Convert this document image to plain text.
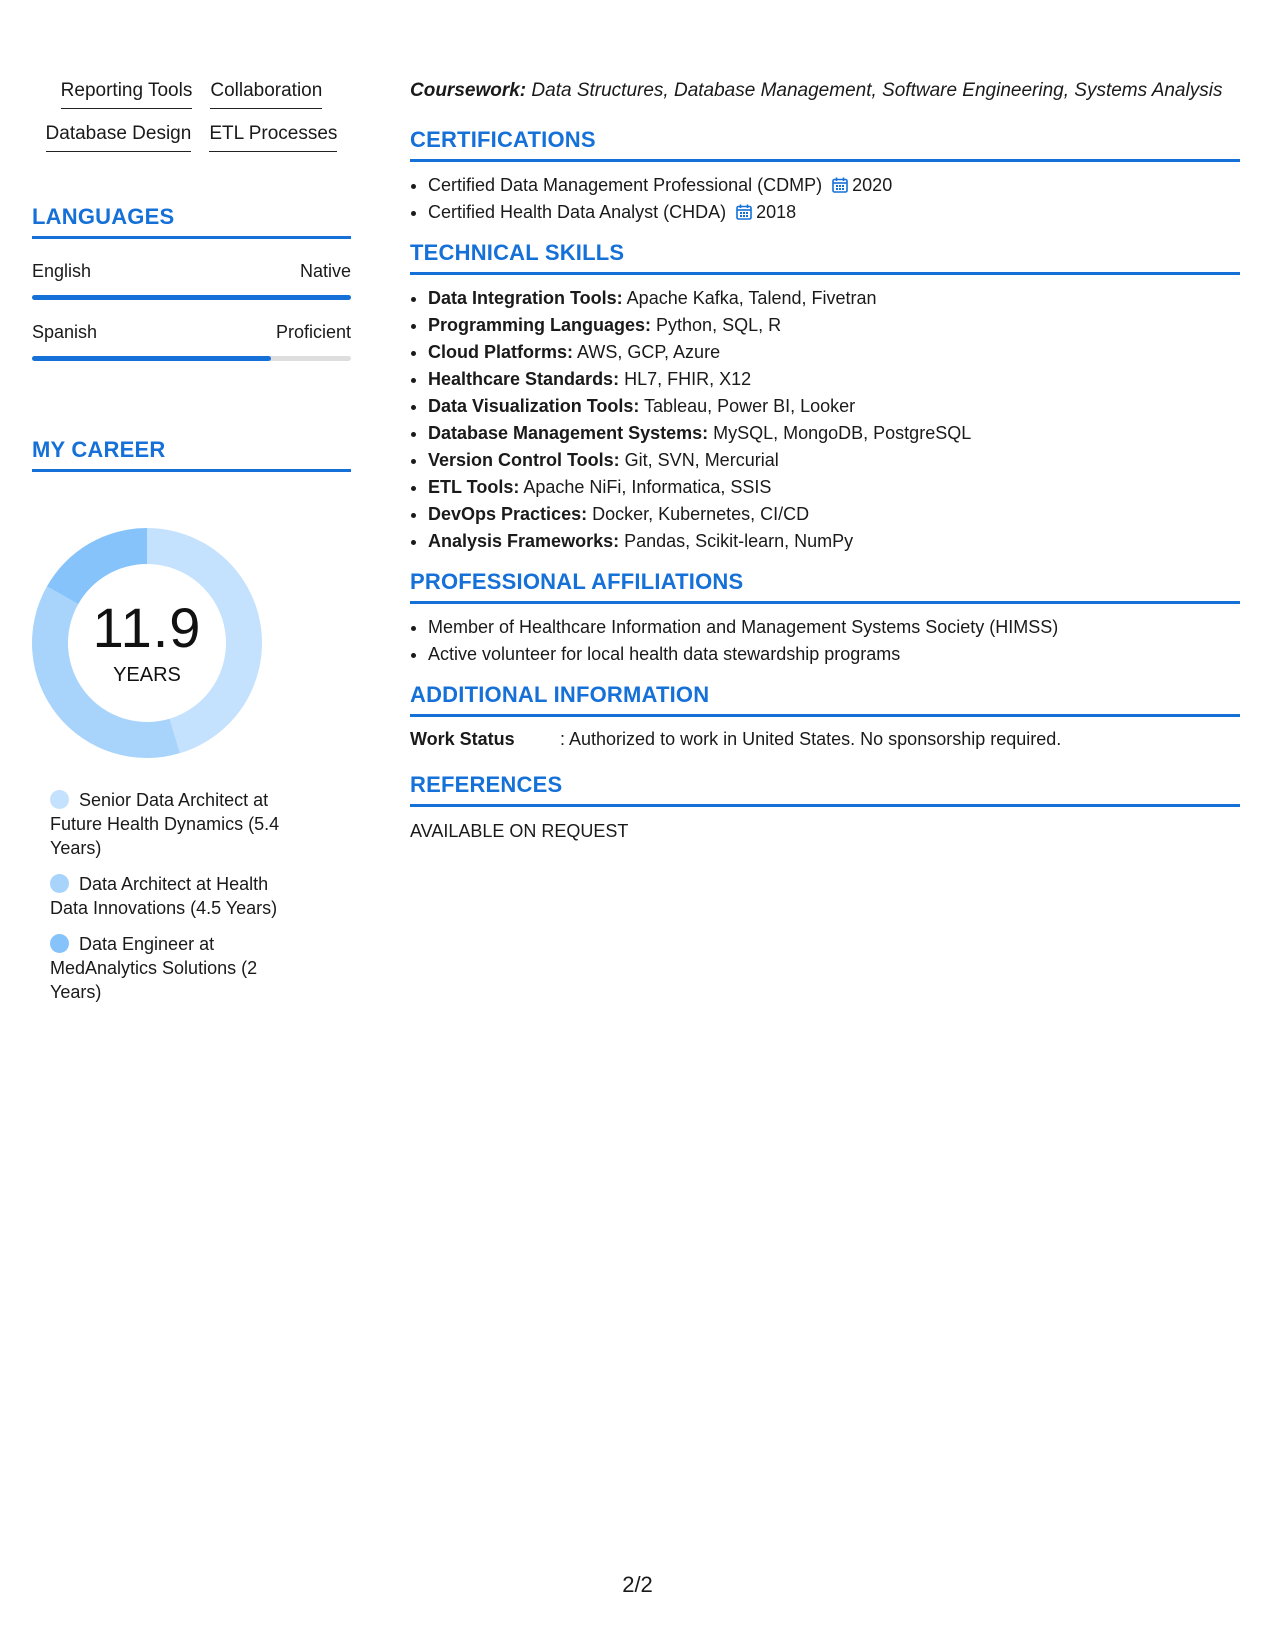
Reporting Tools Collaboration
Database Design ETL Processes
LANGUAGES
English	Native
Spanish	Proficient
MY CAREER
11.9
YEARS
Senior Data Architect at Future Health Dynamics (5.4 Years)
Data Architect at Health Data Innovations (4.5 Years)
Data Engineer at MedAnalytics Solutions (2 Years)

Coursework: Data Structures, Database Management, Software Engineering, Systems Analysis

CERTIFICATIONS
• Certified Data Management Professional (CDMP) 2020
• Certified Health Data Analyst (CHDA) 2018
TECHNICAL SKILLS
• Data Integration Tools: Apache Kafka, Talend, Fivetran
• Programming Languages: Python, SQL, R
• Cloud Platforms: AWS, GCP, Azure
• Healthcare Standards: HL7, FHIR, X12
• Data Visualization Tools: Tableau, Power BI, Looker
• Database Management Systems: MySQL, MongoDB, PostgreSQL
• Version Control Tools: Git, SVN, Mercurial
• ETL Tools: Apache NiFi, Informatica, SSIS
• DevOps Practices: Docker, Kubernetes, CI/CD
• Analysis Frameworks: Pandas, Scikit-learn, NumPy
PROFESSIONAL AFFILIATIONS
• Member of Healthcare Information and Management Systems Society (HIMSS)
• Active volunteer for local health data stewardship programs
ADDITIONAL INFORMATION
Work Status	: Authorized to work in United States. No sponsorship required.
REFERENCES
AVAILABLE ON REQUEST
2/2
